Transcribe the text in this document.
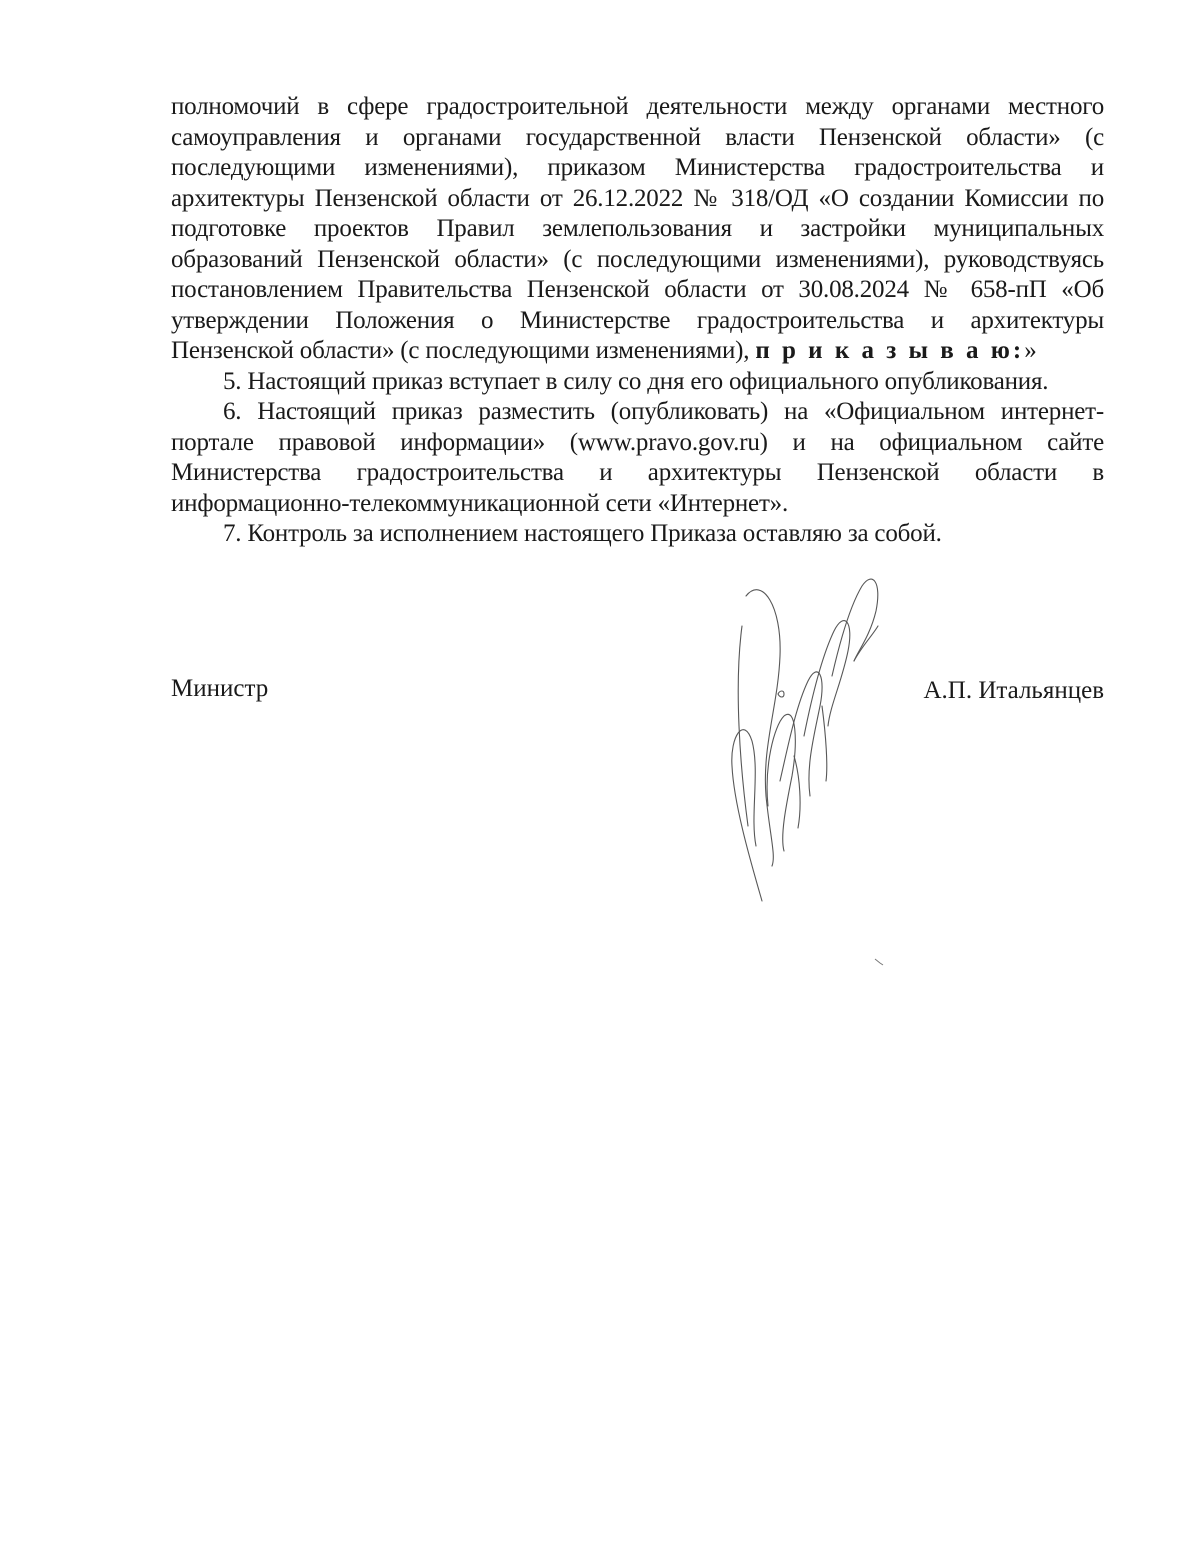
полномочий в сфере градостроительной деятельности между органами местного самоуправления и органами государственной власти Пензенской области» (с последующими изменениями), приказом Министерства градостроительства и архитектуры Пензенской области от 26.12.2022 № 318/ОД «О создании Комиссии по подготовке проектов Правил землепользования и застройки муниципальных образований Пензенской области» (с последующими изменениями), руководствуясь постановлением Правительства Пензенской области от 30.08.2024 № 658-пП «Об утверждении Положения о Министерстве градостроительства и архитектуры Пензенской области» (с последующими изменениями), п р и к а з ы в а ю:»

5. Настоящий приказ вступает в силу со дня его официального опубликования.

6. Настоящий приказ разместить (опубликовать) на «Официальном интернет-портале правовой информации» (www.pravo.gov.ru) и на официальном сайте Министерства градостроительства и архитектуры Пензенской области в информационно-телекоммуникационной сети «Интернет».

7. Контроль за исполнением настоящего Приказа оставляю за собой.

Министр	А.П. Итальянцев
